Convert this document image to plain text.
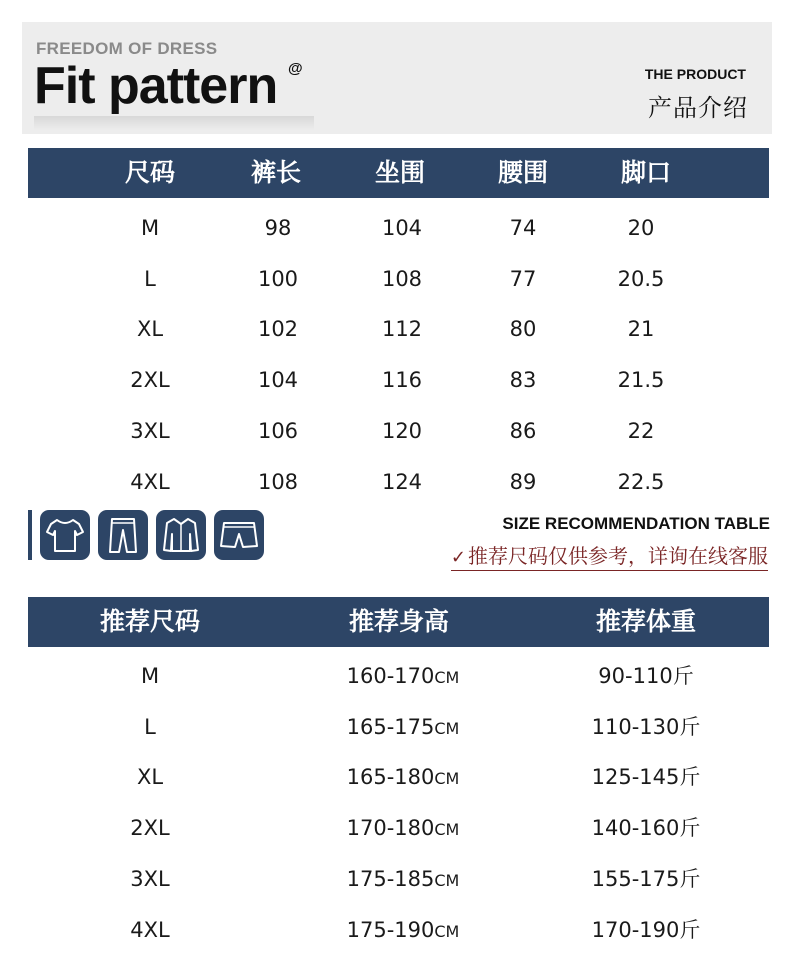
FREEDOM OF DRESS
Fit pattern @	THE PRODUCT
产品介绍
尺码	裤长	坐围	腰围	脚口
M	98	104	74	20
L	100	108	77	20.5
XL	102	112	80	21
2XL	104	116	83	21.5
3XL	106	120	86	22
4XL	108	124	89	22.5
SIZE RECOMMENDATION TABLE
✓ 推荐尺码仅供参考，详询在线客服
推荐尺码	推荐身高	推荐体重
M	160-170CM	90-110斤
L	165-175CM	110-130斤
XL	165-180CM	125-145斤
2XL	170-180CM	140-160斤
3XL	175-185CM	155-175斤
4XL	175-190CM	170-190斤
